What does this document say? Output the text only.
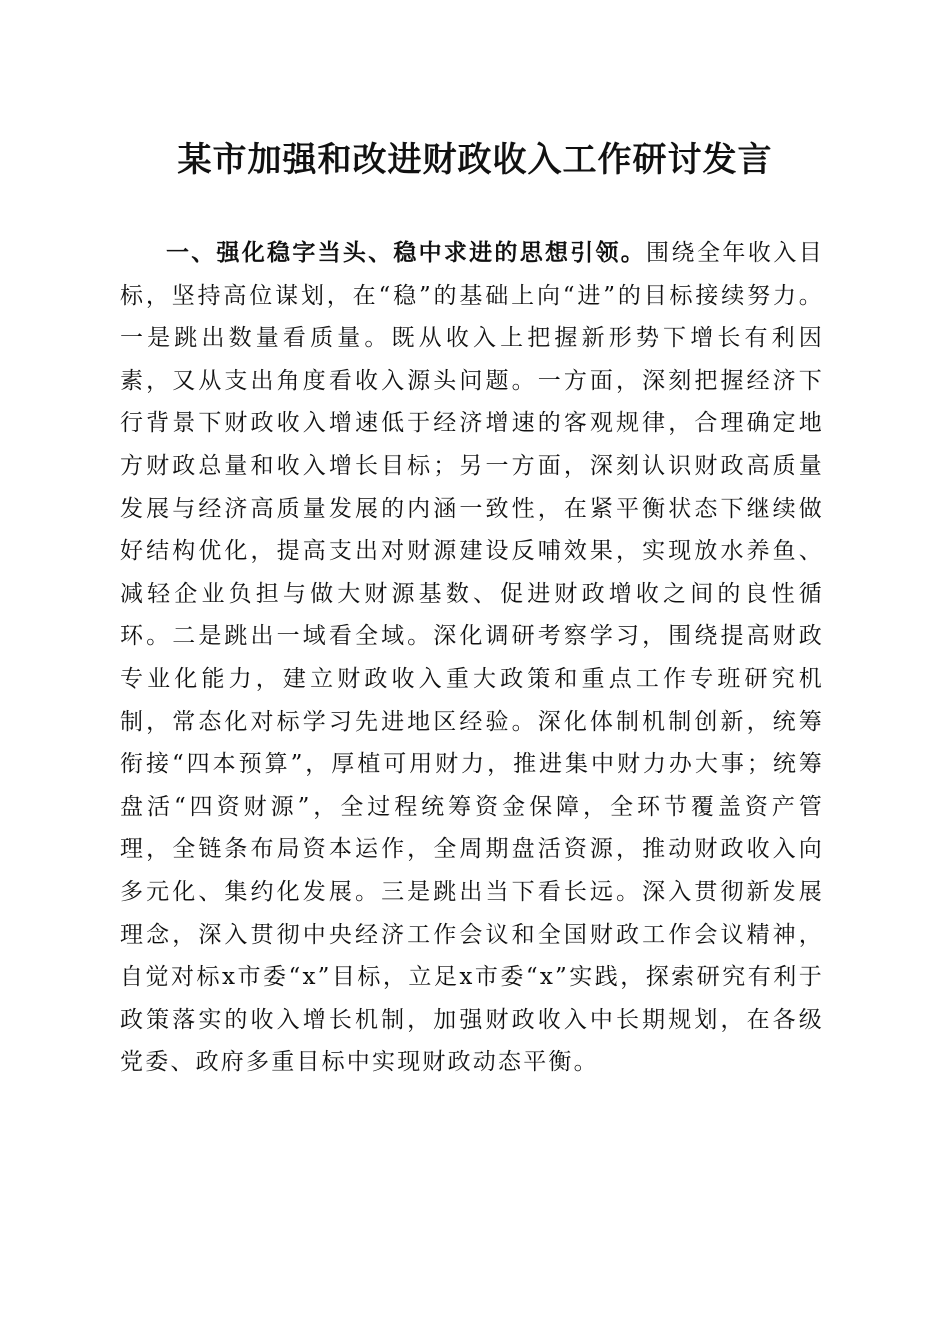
某市加强和改进财政收入工作研讨发言

一、强化稳字当头、稳中求进的思想引领。围绕全年收入目标，坚持高位谋划，在“稳”的基础上向“进”的目标接续努力。一是跳出数量看质量。既从收入上把握新形势下增长有利因素，又从支出角度看收入源头问题。一方面，深刻把握经济下行背景下财政收入增速低于经济增速的客观规律，合理确定地方财政总量和收入增长目标；另一方面，深刻认识财政高质量发展与经济高质量发展的内涵一致性，在紧平衡状态下继续做好结构优化，提高支出对财源建设反哺效果，实现放水养鱼、减轻企业负担与做大财源基数、促进财政增收之间的良性循环。二是跳出一域看全域。深化调研考察学习，围绕提高财政专业化能力，建立财政收入重大政策和重点工作专班研究机制，常态化对标学习先进地区经验。深化体制机制创新，统筹衔接“四本预算”，厚植可用财力，推进集中财力办大事；统筹盘活“四资财源”，全过程统筹资金保障，全环节覆盖资产管理，全链条布局资本运作，全周期盘活资源，推动财政收入向多元化、集约化发展。三是跳出当下看长远。深入贯彻新发展理念，深入贯彻中央经济工作会议和全国财政工作会议精神，自觉对标x市委“x”目标，立足x市委“x”实践，探索研究有利于政策落实的收入增长机制，加强财政收入中长期规划，在各级党委、政府多重目标中实现财政动态平衡。
